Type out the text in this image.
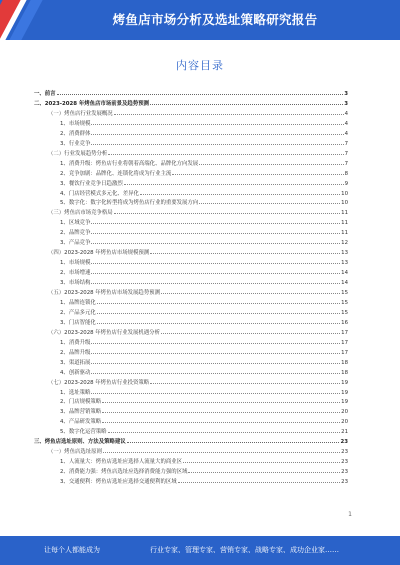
烤鱼店市场分析及选址策略研究报告
内容目录
一、前言	3
二、2023-2028 年烤鱼店市场前景及趋势预测	3
（一）烤鱼店行业发展概况	4
1、市场规模	4
2、消费群体	4
3、行业竞争	7
（二）行业发展趋势分析	7
1、消费升级：烤鱼店行业将朝着高端化、品牌化方向发展	7
2、竞争加剧：品牌化、连锁化将成为行业主流	8
3、餐饮行业竞争日趋激烈	9
4、门店经营模式多元化、差异化	10
5、数字化：数字化转型将成为烤鱼店行业的重要发展方向	10
（三）烤鱼店市场竞争格局	11
1、区域竞争	11
2、品牌竞争	11
3、产品竞争	12
（四）2023-2028 年烤鱼店市场规模预测	13
1、市场规模	13
2、市场增速	14
3、市场结构	14
（五）2023-2028 年烤鱼店市场发展趋势预测	15
1、品牌连锁化	15
2、产品多元化	15
3、门店智能化	16
（六）2023-2028 年烤鱼店行业发展机遇分析	17
1、消费升级	17
2、品牌升级	17
3、渠道拓展	18
4、创新驱动	18
（七）2023-2028 年烤鱼店行业投资策略	19
1、选址策略	19
2、门店规模策略	19
3、品牌营销策略	20
4、产品研发策略	20
5、数字化运营策略	21
三、烤鱼店选址原则、方法及策略建议	23
（一）烤鱼店选址原则	23
1、人流量大：烤鱼店选址应选择人流量大的商业区	23
2、消费能力强：烤鱼店选址应选择消费能力强的区域	23
3、交通便利：烤鱼店选址应选择交通便利的区域	23
1
让每个人都能成为	行业专家、管理专家、营销专家、战略专家、成功企业家……
